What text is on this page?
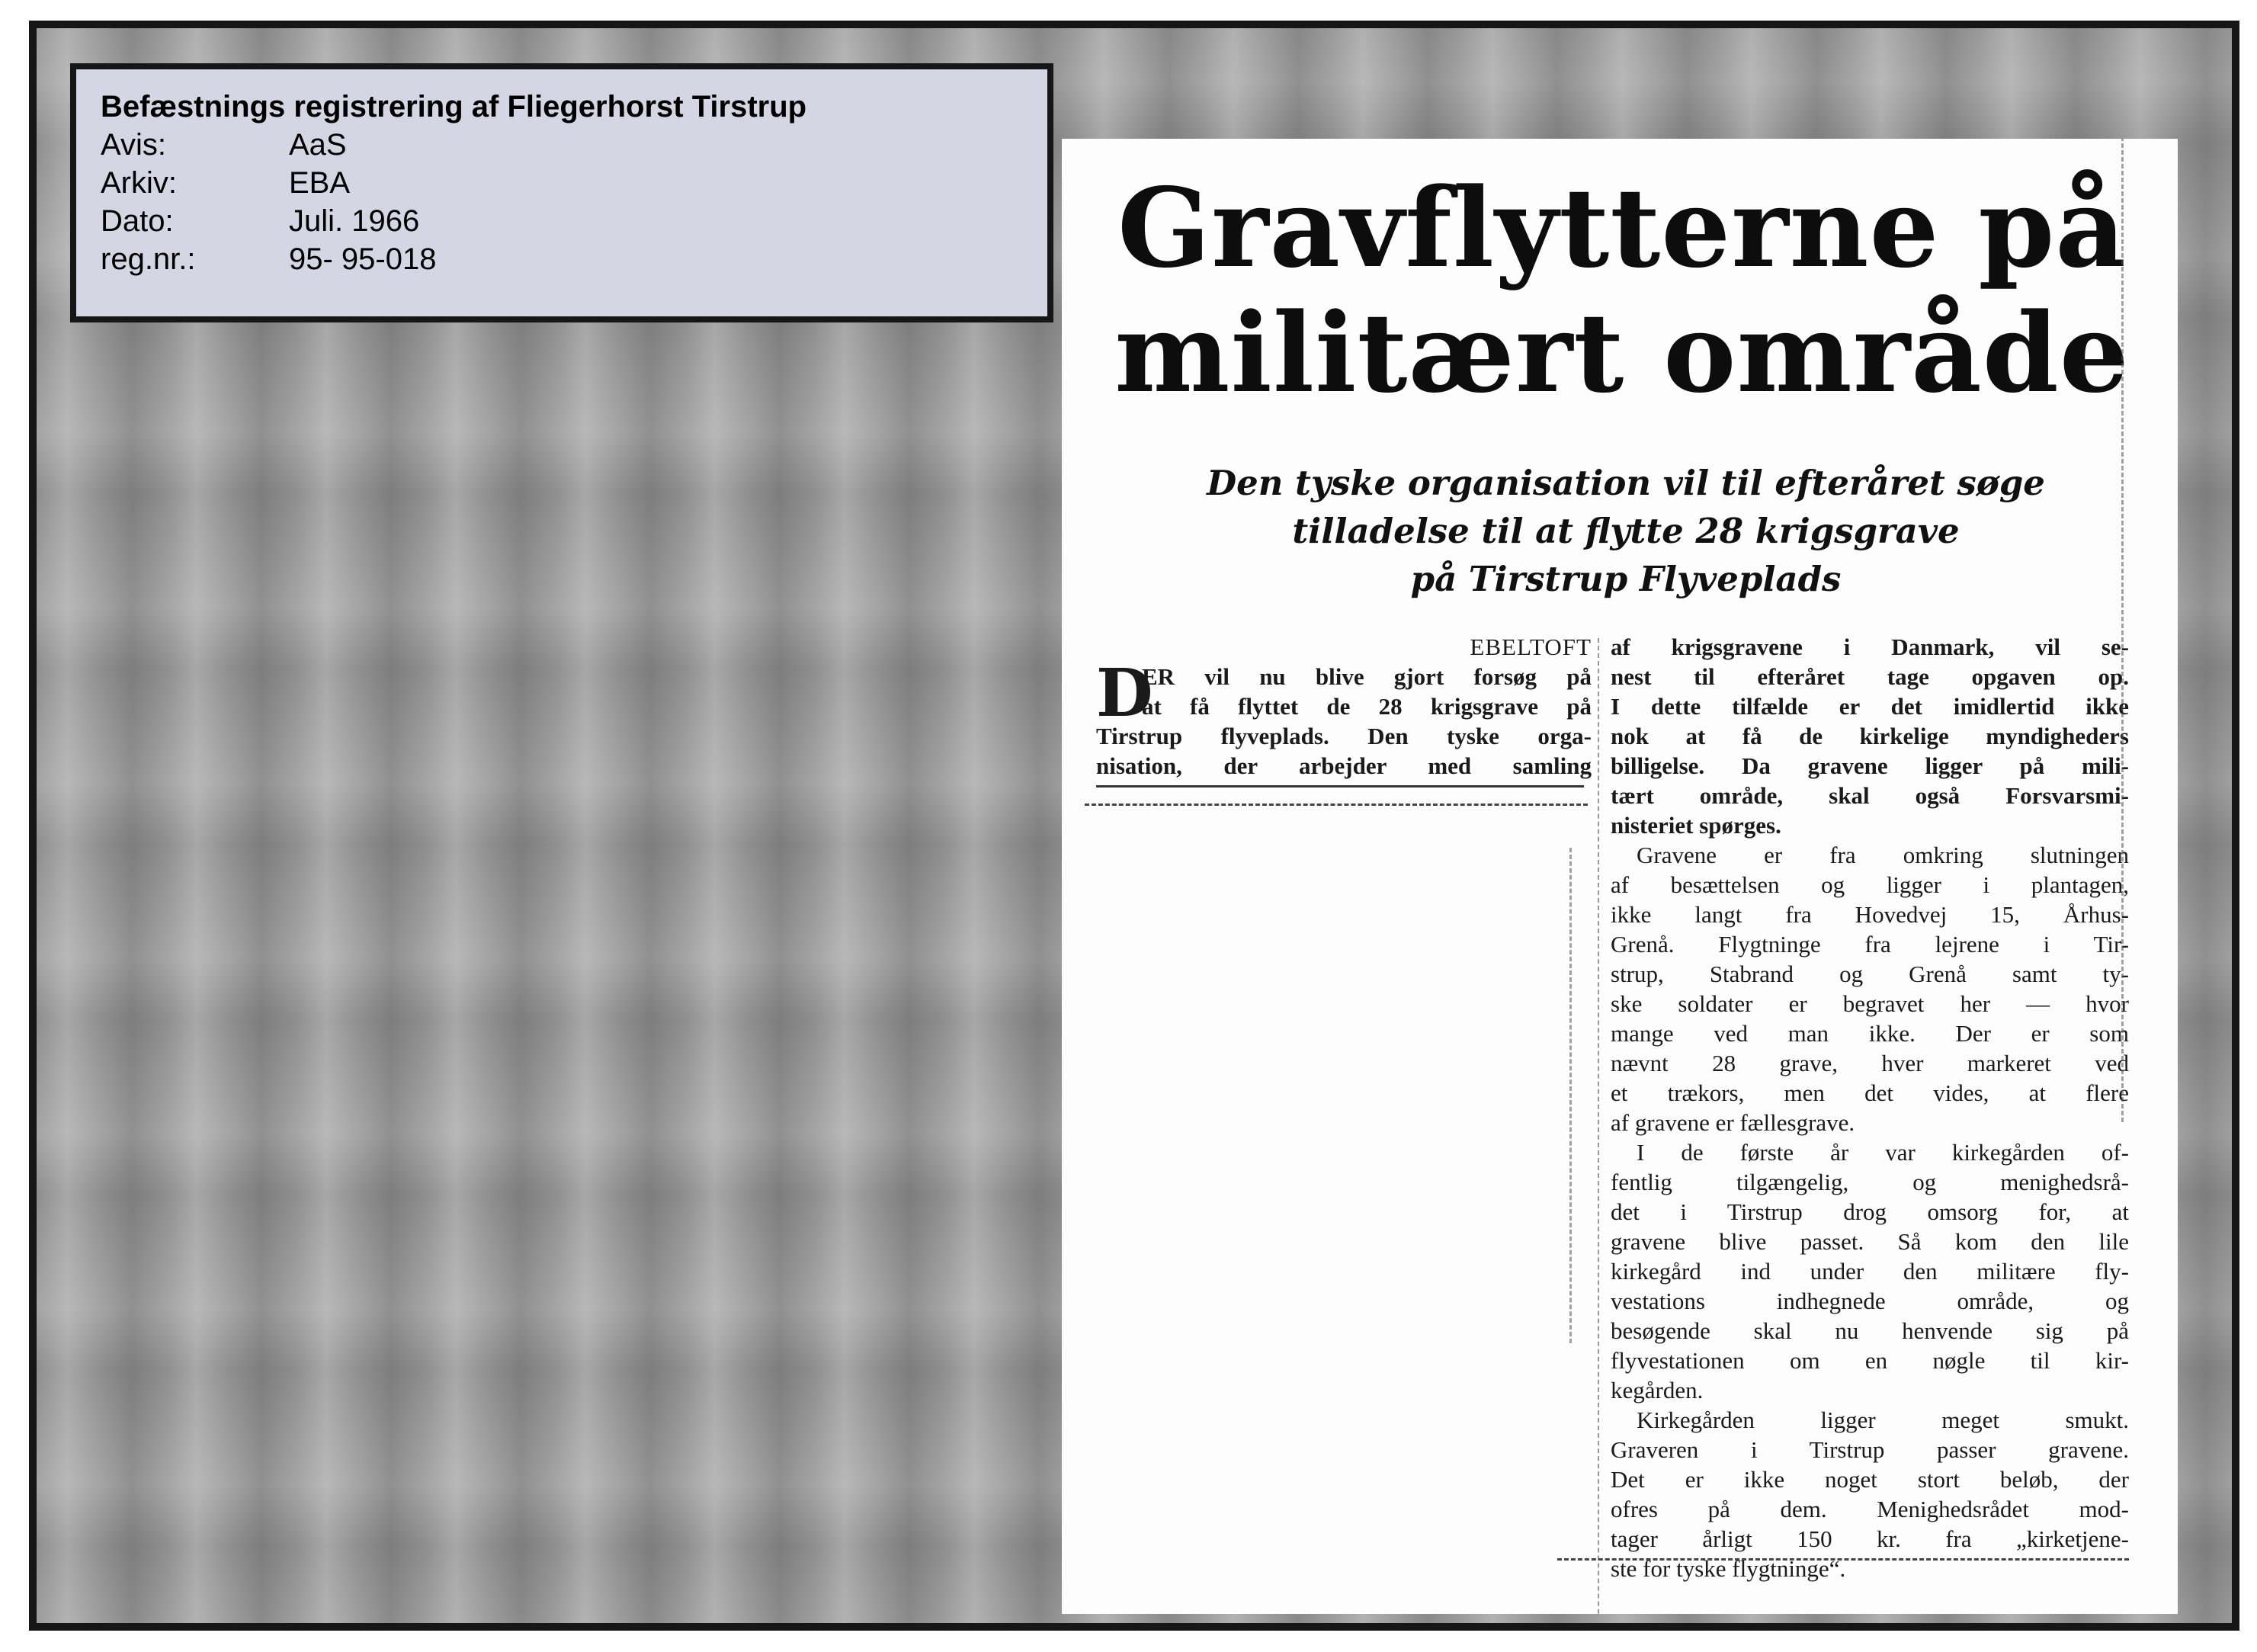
Befæstnings registrering af Fliegerhorst Tirstrup
Avis:	AaS
Arkiv:	EBA
Dato:	Juli. 1966
reg.nr.:	95- 95-018	Gravflytterne på
militært område
Den tyske organisation vil til efteråret søge
tilladelse til at flytte 28 krigsgrave
på Tirstrup Flyveplads
EBELTOFT
D
ER vil nu blive gjort forsøg på
at få flyttet de 28 krigsgrave på
Tirstrup flyveplads. Den tyske orga-
nisation, der arbejder med samling
af krigsgravene i Danmark, vil se-
nest til efteråret tage opgaven op.
I dette tilfælde er det imidlertid ikke
nok at få de kirkelige myndigheders
billigelse. Da gravene ligger på mili-
tært område, skal også Forsvarsmi-
nisteriet spørges.
Gravene er fra omkring slutningen
af besættelsen og ligger i plantagen,
ikke langt fra Hovedvej 15, Århus-
Grenå. Flygtninge fra lejrene i Tir-
strup, Stabrand og Grenå samt ty-
ske soldater er begravet her — hvor
mange ved man ikke. Der er som
nævnt 28 grave, hver markeret ved
et trækors, men det vides, at flere
af gravene er fællesgrave.
I de første år var kirkegården of-
fentlig tilgængelig, og menighedsrå-
det i Tirstrup drog omsorg for, at
gravene blive passet. Så kom den lile
kirkegård ind under den militære fly-
vestations indhegnede område, og
besøgende skal nu henvende sig på
flyvestationen om en nøgle til kir-
kegården.
Kirkegården ligger meget smukt.
Graveren i Tirstrup passer gravene.
Det er ikke noget stort beløb, der
ofres på dem. Menighedsrådet mod-
tager årligt 150 kr. fra „kirketjene-
ste for tyske flygtninge“.
